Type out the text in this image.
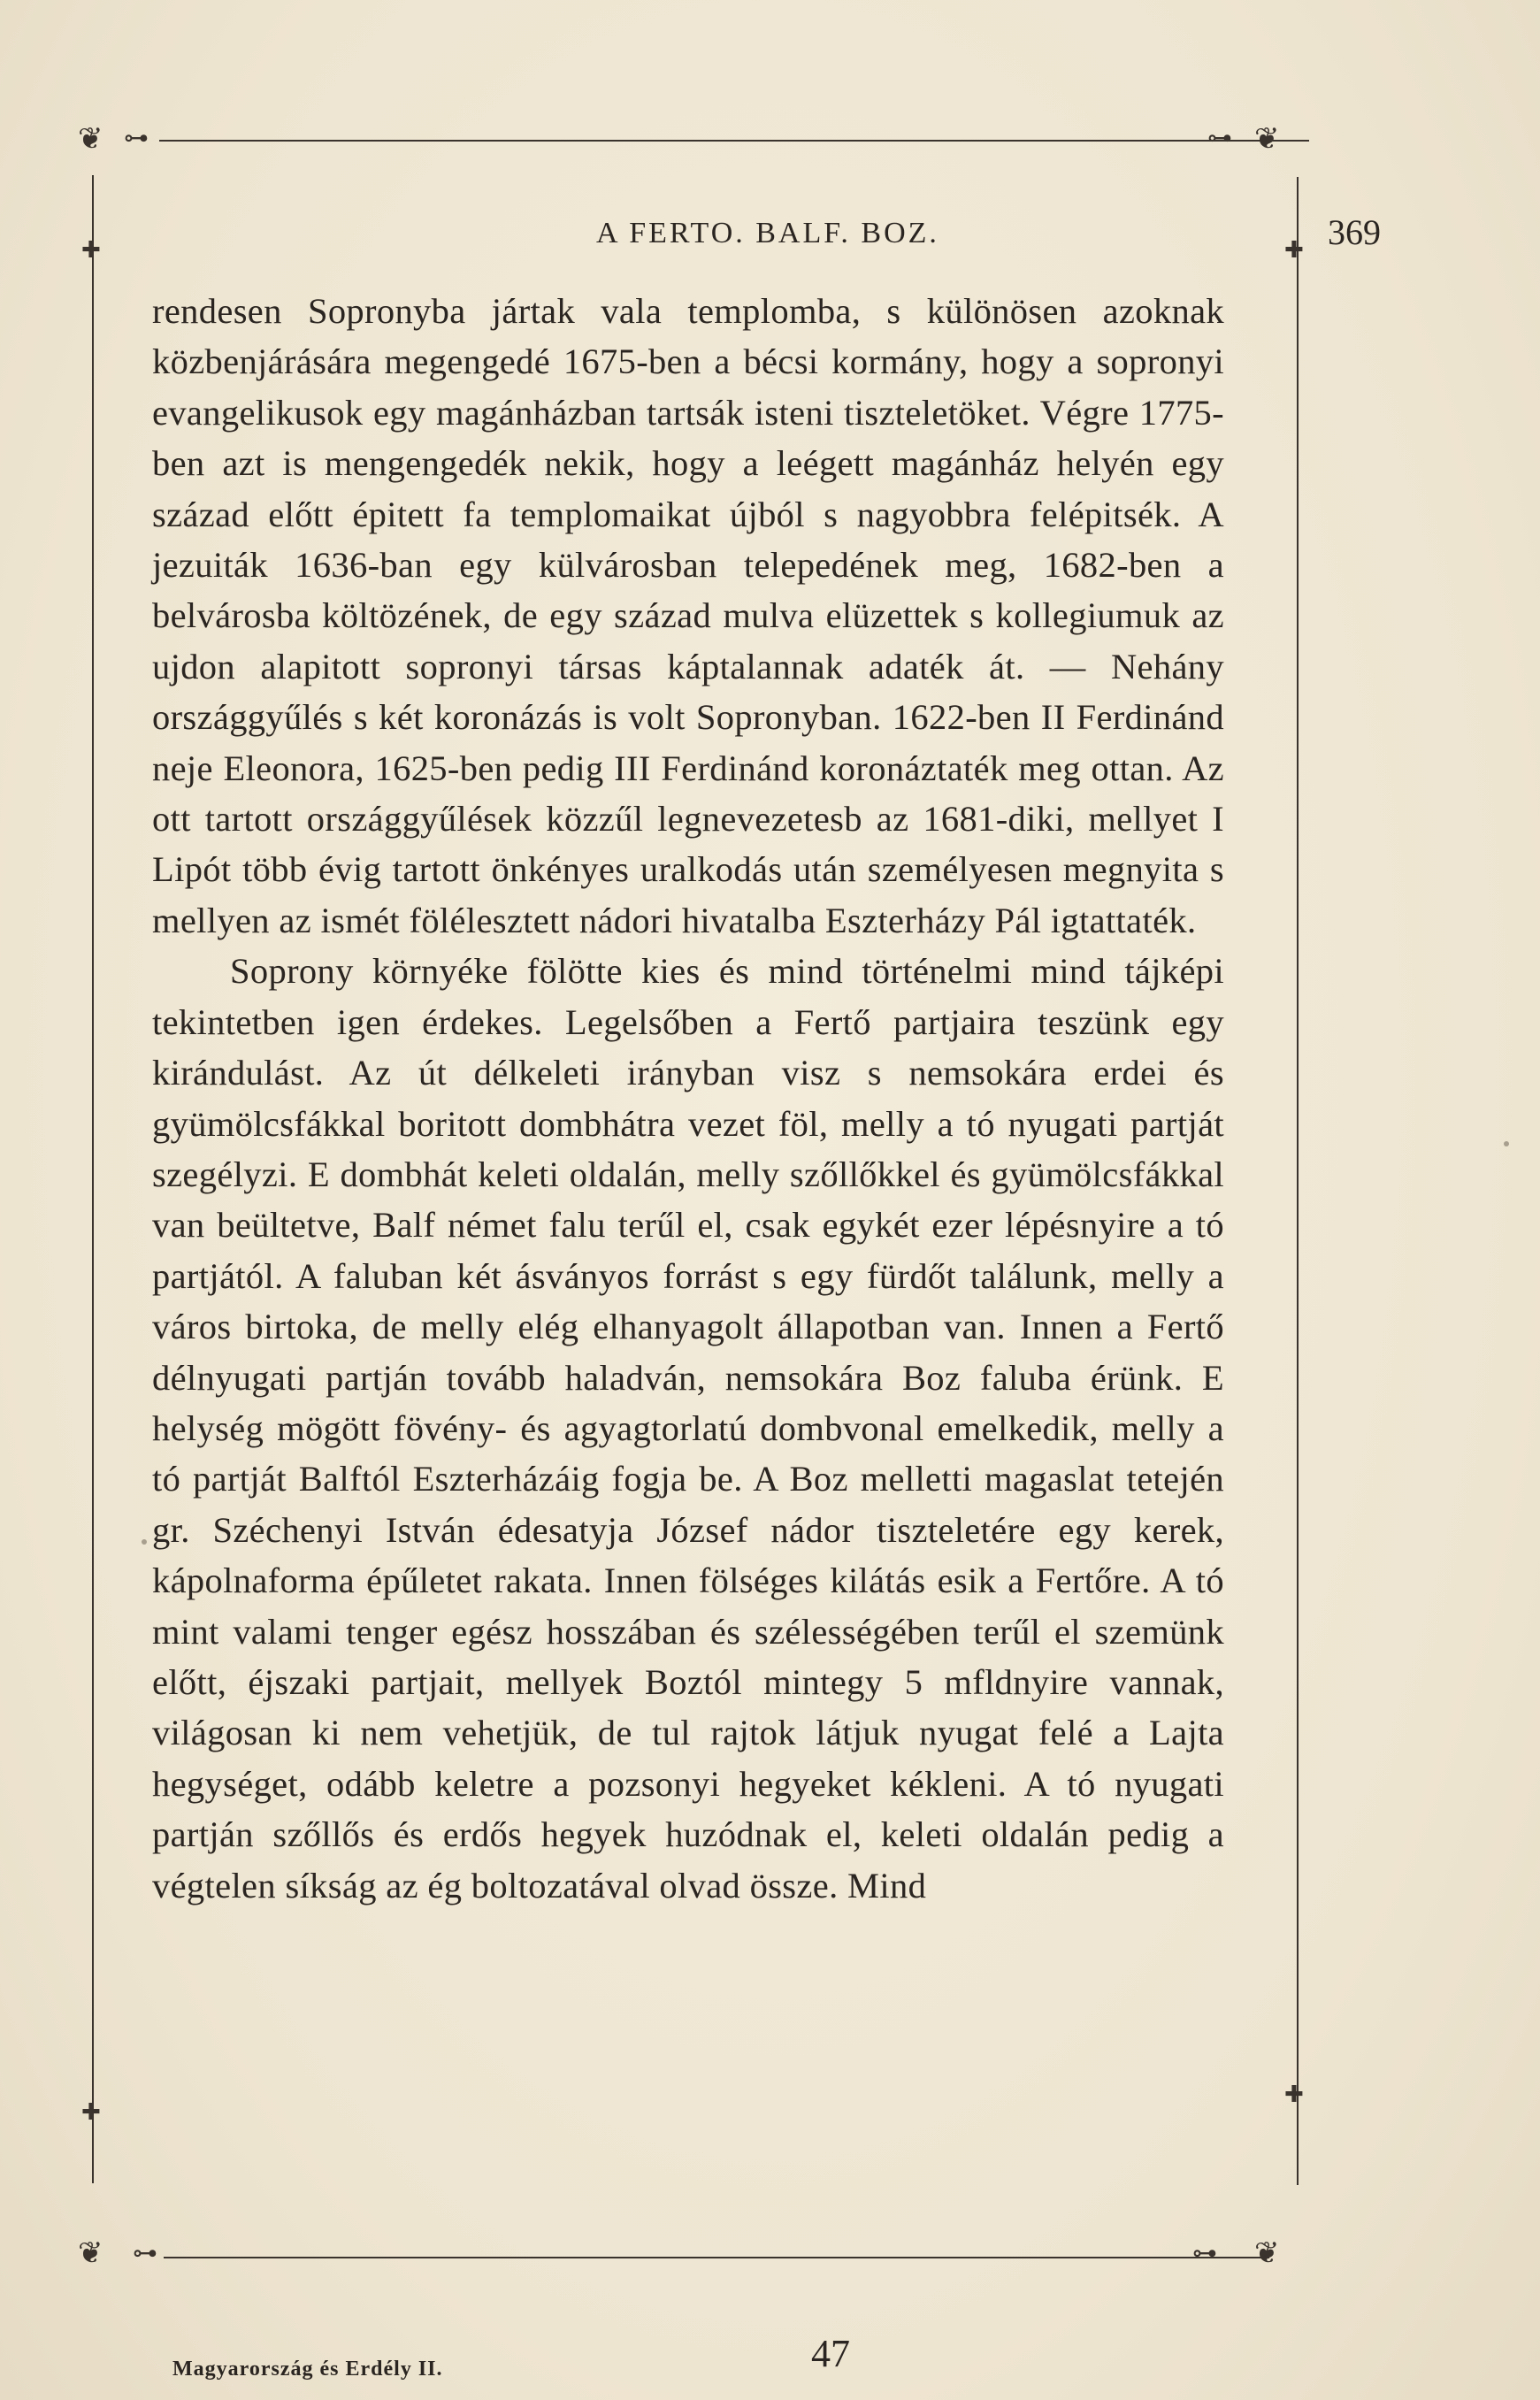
❦ ⊶	⊶ ❦
✚	✚
✚
✚
❦ ⊶	⊶ ❦
A FERTO. BALF. BOZ.	369

rendesen Sopronyba jártak vala templomba, s különösen azoknak közbenjárására megengedé 1675-ben a bécsi kormány, hogy a sopronyi evangelikusok egy magánházban tartsák isteni tiszteletöket. Végre 1775-ben azt is mengengedék nekik, hogy a leégett magánház helyén egy század előtt épitett fa templomaikat újból s nagyobbra felépitsék. A jezuiták 1636-ban egy külvárosban telepedének meg, 1682-ben a belvárosba költözének, de egy század mulva elüzettek s kollegiumuk az ujdon alapitott sopronyi társas káptalannak adaték át. — Nehány országgyűlés s két koronázás is volt Sopronyban. 1622-ben II Ferdinánd neje Eleonora, 1625-ben pedig III Ferdinánd koronáztaték meg ottan. Az ott tartott országgyűlések közzűl legnevezetesb az 1681-diki, mellyet I Lipót több évig tartott önkényes uralkodás után személyesen megnyita s mellyen az ismét fölélesztett nádori hivatalba Eszterházy Pál igtattaték.

Soprony környéke fölötte kies és mind történelmi mind tájképi tekintetben igen érdekes. Legelsőben a Fertő partjaira teszünk egy kirándulást. Az út délkeleti irányban visz s nemsokára erdei és gyümölcsfákkal boritott dombhátra vezet föl, melly a tó nyugati partját szegélyzi. E dombhát keleti oldalán, melly szőllőkkel és gyümölcsfákkal van beültetve, Balf német falu terűl el, csak egykét ezer lépésnyire a tó partjától. A faluban két ásványos forrást s egy fürdőt találunk, melly a város birtoka, de melly elég elhanyagolt állapotban van. Innen a Fertő délnyugati partján tovább haladván, nemsokára Boz faluba érünk. E helység mögött fövény- és agyagtorlatú dombvonal emelkedik, melly a tó partját Balftól Eszterházáig fogja be. A Boz melletti magaslat tetején gr. Széchenyi István édesatyja József nádor tiszteletére egy kerek, kápolnaforma épűletet rakata. Innen fölséges kilátás esik a Fertőre. A tó mint valami tenger egész hosszában és szélességében terűl el szemünk előtt, éjszaki partjait, mellyek Boztól mintegy 5 mfldnyire vannak, világosan ki nem vehetjük, de tul rajtok látjuk nyugat felé a Lajta hegységet, odább keletre a pozsonyi hegyeket kékleni. A tó nyugati partján szőllős és erdős hegyek huzódnak el, keleti oldalán pedig a végtelen síkság az ég boltozatával olvad össze. Mind

Magyarország és Erdély II.	47
